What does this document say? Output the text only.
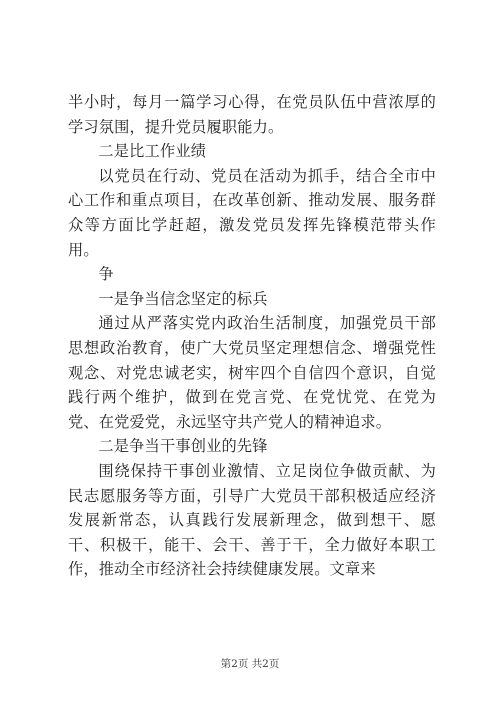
半小时，每月一篇学习心得，在党员队伍中营浓厚的学习氛围，提升党员履职能力。

二是比工作业绩

以党员在行动、党员在活动为抓手，结合全市中心工作和重点项目，在改革创新、推动发展、服务群众等方面比学赶超，激发党员发挥先锋模范带头作用。

争

一是争当信念坚定的标兵

通过从严落实党内政治生活制度，加强党员干部思想政治教育，使广大党员坚定理想信念、增强党性观念、对党忠诚老实，树牢四个自信四个意识，自觉践行两个维护，做到在党言党、在党忧党、在党为党、在党爱党，永远坚守共产党人的精神追求。

二是争当干事创业的先锋

围绕保持干事创业激情、立足岗位争做贡献、为民志愿服务等方面，引导广大党员干部积极适应经济发展新常态，认真践行发展新理念，做到想干、愿干、积极干，能干、会干、善于干，全力做好本职工作，推动全市经济社会持续健康发展。文章来

第2页 共2页
